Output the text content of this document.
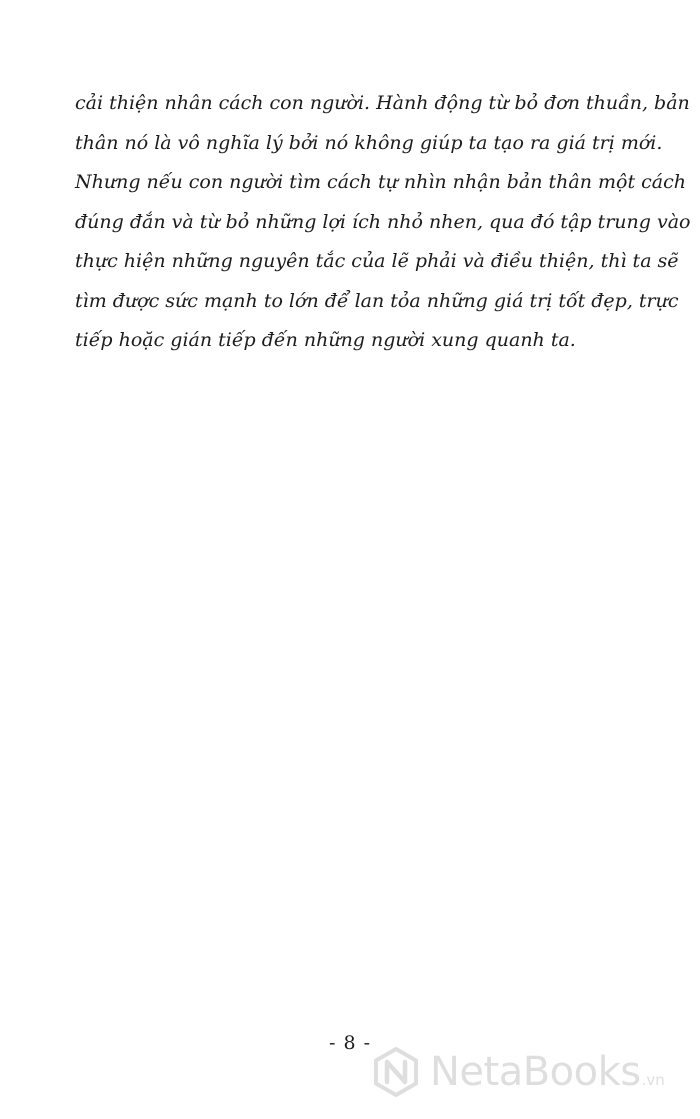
cải thiện nhân cách con người. Hành động từ bỏ đơn thuần, bản
thân nó là vô nghĩa lý bởi nó không giúp ta tạo ra giá trị mới.
Nhưng nếu con người tìm cách tự nhìn nhận bản thân một cách
đúng đắn và từ bỏ những lợi ích nhỏ nhen, qua đó tập trung vào
thực hiện những nguyên tắc của lẽ phải và điều thiện, thì ta sẽ
tìm được sức mạnh to lớn để lan tỏa những giá trị tốt đẹp, trực
tiếp hoặc gián tiếp đến những người xung quanh ta.
- 8 -
NetaBooks .vn
